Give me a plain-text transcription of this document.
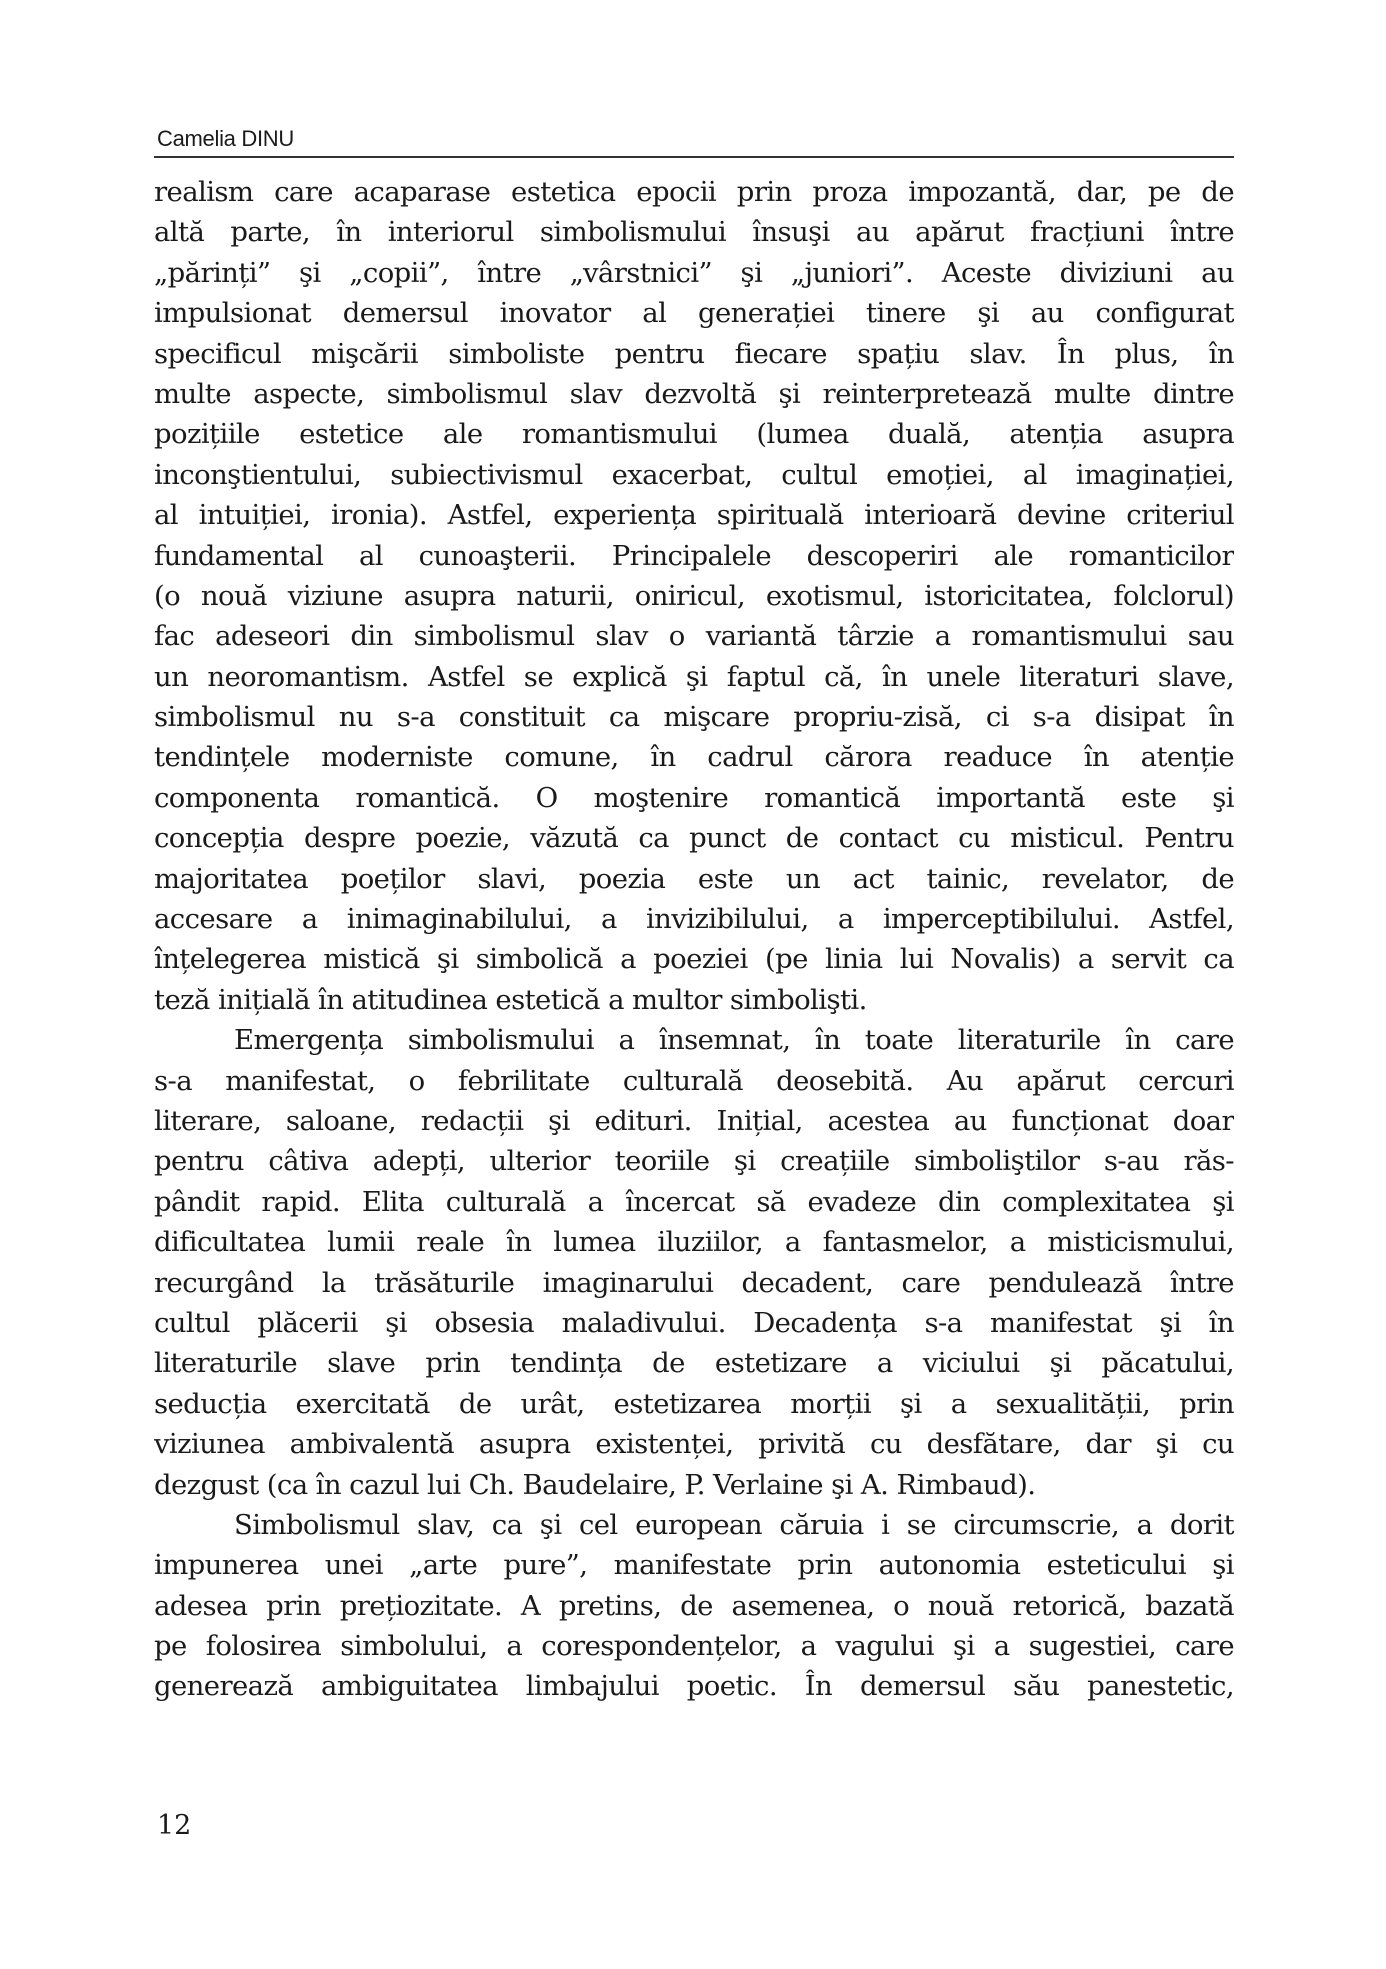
Camelia DINU
realism care acaparase estetica epocii prin proza impozantă, dar, pe de
altă parte, în interiorul simbolismului însuşi au apărut fracțiuni între
„părinți” şi „copii”, între „vârstnici” şi „juniori”. Aceste diviziuni au
impulsionat demersul inovator al generației tinere şi au configurat
specificul mişcării simboliste pentru fiecare spațiu slav. În plus, în
multe aspecte, simbolismul slav dezvoltă şi reinterpretează multe dintre
pozițiile estetice ale romantismului (lumea duală, atenția asupra
inconştientului, subiectivismul exacerbat, cultul emoției, al imaginației,
al intuiției, ironia). Astfel, experiența spirituală interioară devine criteriul
fundamental al cunoaşterii. Principalele descoperiri ale romanticilor
(o nouă viziune asupra naturii, oniricul, exotismul, istoricitatea, folclorul)
fac adeseori din simbolismul slav o variantă târzie a romantismului sau
un neoromantism. Astfel se explică şi faptul că, în unele literaturi slave,
simbolismul nu s-a constituit ca mişcare propriu-zisă, ci s-a disipat în
tendințele moderniste comune, în cadrul cărora readuce în atenție
componenta romantică. O moştenire romantică importantă este şi
concepția despre poezie, văzută ca punct de contact cu misticul. Pentru
majoritatea poeților slavi, poezia este un act tainic, revelator, de
accesare a inimaginabilului, a invizibilului, a imperceptibilului. Astfel,
înțelegerea mistică şi simbolică a poeziei (pe linia lui Novalis) a servit ca
teză inițială în atitudinea estetică a multor simbolişti.
Emergența simbolismului a însemnat, în toate literaturile în care
s-a manifestat, o febrilitate culturală deosebită. Au apărut cercuri
literare, saloane, redacții şi edituri. Inițial, acestea au funcționat doar
pentru câtiva adepți, ulterior teoriile şi creațiile simboliştilor s-au răs-
pândit rapid. Elita culturală a încercat să evadeze din complexitatea şi
dificultatea lumii reale în lumea iluziilor, a fantasmelor, a misticismului,
recurgând la trăsăturile imaginarului decadent, care pendulează între
cultul plăcerii şi obsesia maladivului. Decadența s-a manifestat şi în
literaturile slave prin tendința de estetizare a viciului şi păcatului,
seducția exercitată de urât, estetizarea morții şi a sexualității, prin
viziunea ambivalentă asupra existenței, privită cu desfătare, dar şi cu
dezgust (ca în cazul lui Ch. Baudelaire, P. Verlaine şi A. Rimbaud).
Simbolismul slav, ca şi cel european căruia i se circumscrie, a dorit
impunerea unei „arte pure”, manifestate prin autonomia esteticului şi
adesea prin prețiozitate. A pretins, de asemenea, o nouă retorică, bazată
pe folosirea simbolului, a corespondențelor, a vagului şi a sugestiei, care
generează ambiguitatea limbajului poetic. În demersul său panestetic,
12
